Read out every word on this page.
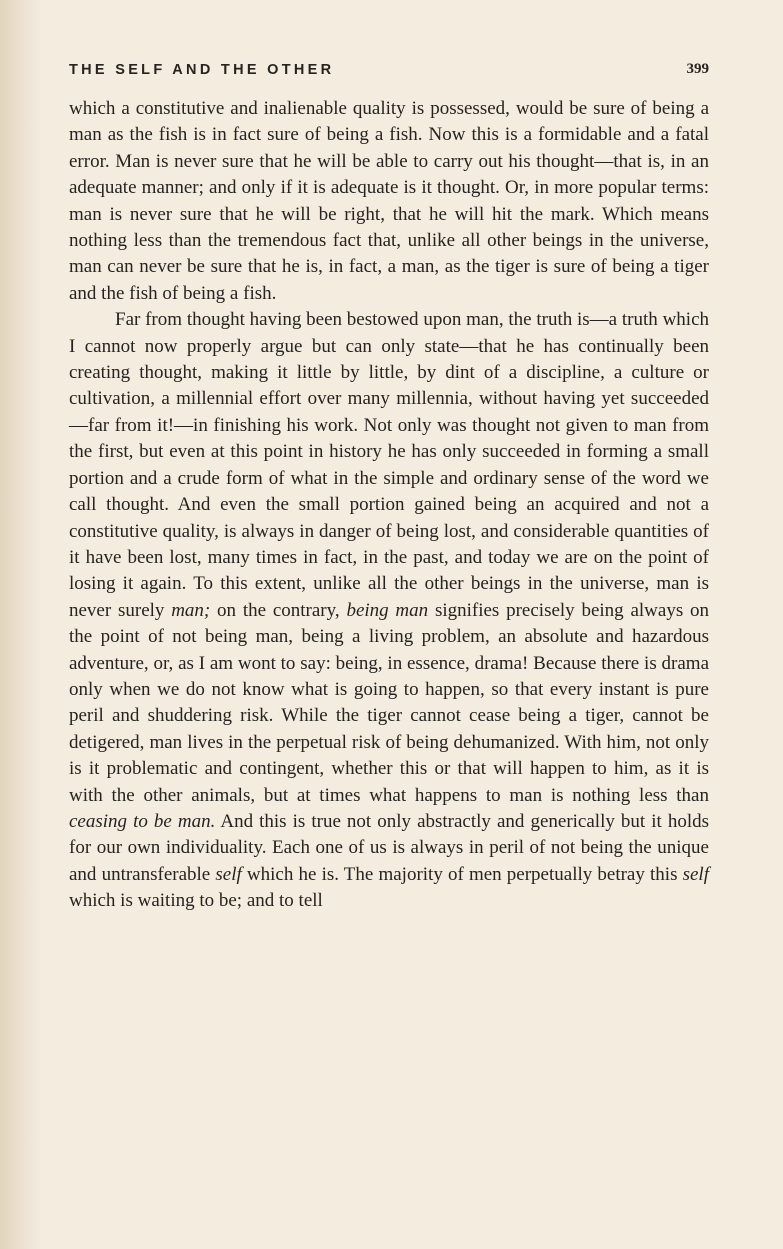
THE SELF AND THE OTHER	399

which a constitutive and inalienable quality is possessed, would be sure of being a man as the fish is in fact sure of being a fish. Now this is a formidable and a fatal error. Man is never sure that he will be able to carry out his thought—that is, in an adequate manner; and only if it is adequate is it thought. Or, in more popular terms: man is never sure that he will be right, that he will hit the mark. Which means nothing less than the tremendous fact that, unlike all other beings in the universe, man can never be sure that he is, in fact, a man, as the tiger is sure of being a tiger and the fish of being a fish.

Far from thought having been bestowed upon man, the truth is—a truth which I cannot now properly argue but can only state—that he has continually been creating thought, making it little by little, by dint of a discipline, a culture or cultivation, a millennial effort over many millennia, without having yet succeeded—far from it!—in finishing his work. Not only was thought not given to man from the first, but even at this point in history he has only succeeded in forming a small portion and a crude form of what in the simple and ordinary sense of the word we call thought. And even the small portion gained being an acquired and not a constitutive quality, is always in danger of being lost, and considerable quantities of it have been lost, many times in fact, in the past, and today we are on the point of losing it again. To this extent, unlike all the other beings in the universe, man is never surely man; on the contrary, being man signifies precisely being always on the point of not being man, being a living problem, an absolute and hazardous adventure, or, as I am wont to say: being, in essence, drama! Because there is drama only when we do not know what is going to happen, so that every instant is pure peril and shuddering risk. While the tiger cannot cease being a tiger, cannot be detigered, man lives in the perpetual risk of being dehumanized. With him, not only is it problematic and contingent, whether this or that will happen to him, as it is with the other animals, but at times what happens to man is nothing less than ceasing to be man. And this is true not only abstractly and generically but it holds for our own individuality. Each one of us is always in peril of not being the unique and untransferable self which he is. The majority of men perpetually betray this self which is waiting to be; and to tell
